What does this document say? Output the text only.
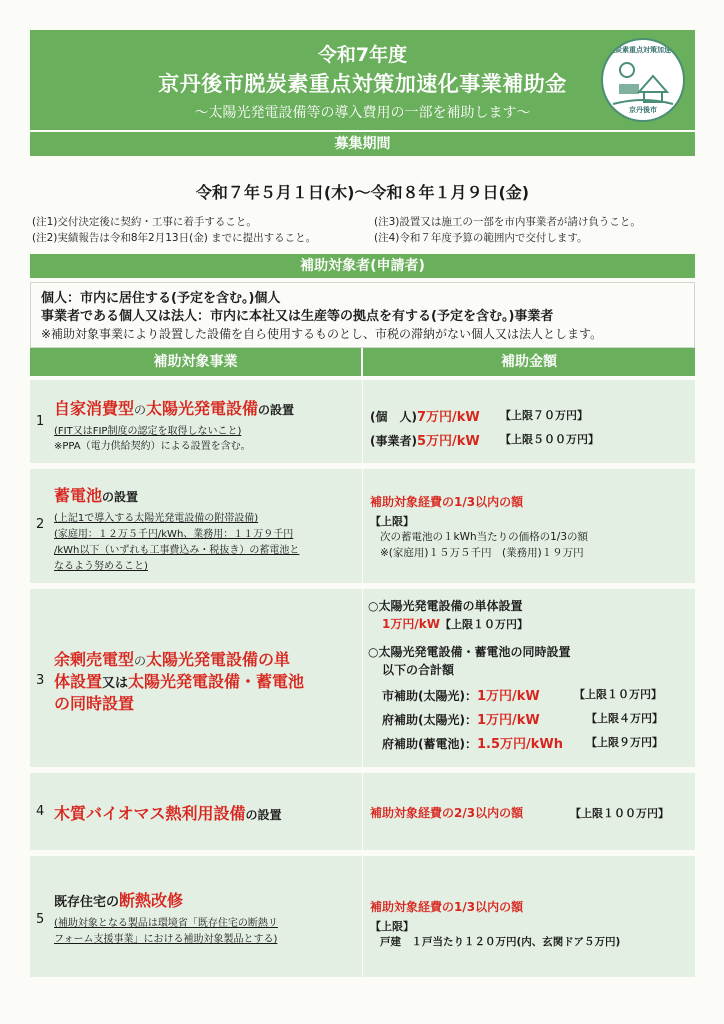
令和7年度
京丹後市脱炭素重点対策加速化事業補助金
～太陽光発電設備等の導入費用の一部を補助します～
脱炭素重点対策加速化
京丹後市
募集期間
令和７年５月１日(木)～令和８年１月９日(金)
(注1)交付決定後に契約・工事に着手すること。
(注2)実績報告は令和8年2月13日(金) までに提出すること。
(注3)設置又は施工の一部を市内事業者が請け負うこと。
(注4)令和７年度予算の範囲内で交付します。
補助対象者(申請者)
個人：市内に居住する(予定を含む。)個人
事業者である個人又は法人：市内に本社又は生産等の拠点を有する(予定を含む。)事業者
※補助対象事業により設置した設備を自ら使用するものとし、市税の滞納がない個人又は法人とします。
補助対象事業	補助金額
1
自家消費型の太陽光発電設備の設置
(FIT又はFIP制度の認定を取得しないこと)
※PPA（電力供給契約）による設置を含む。
(個　人)7万円/kW 【上限７０万円】
(事業者)5万円/kW 【上限５００万円】
2
蓄電池の設置
(上記1で導入する太陽光発電設備の附帯設備)
(家庭用：１２万５千円/kWh、業務用：１１万９千円
/kWh以下（いずれも工事費込み・税抜き）の蓄電池と
なるよう努めること)
補助対象経費の1/3以内の額
【上限】
次の蓄電池の１kWh当たりの価格の1/3の額
※(家庭用)１５万５千円　(業務用)１９万円
3
余剰売電型の太陽光発電設備の単
体設置又は太陽光発電設備・蓄電池
の同時設置
○太陽光発電設備の単体設置
1万円/kW【上限１０万円】
○太陽光発電設備・蓄電池の同時設置
以下の合計額
市補助(太陽光)：1万円/kW	【上限１０万円】
府補助(太陽光)：1万円/kW	【上限４万円】
府補助(蓄電池)：1.5万円/kWh 【上限９万円】
4 木質バイオマス熱利用設備の設置	補助対象経費の2/3以内の額	【上限１００万円】
5
既存住宅の断熱改修
(補助対象となる製品は環境省「既存住宅の断熱リ
フォーム支援事業」における補助対象製品とする)
補助対象経費の1/3以内の額
【上限】
戸建　１戸当たり１２０万円(内、玄関ドア５万円)
